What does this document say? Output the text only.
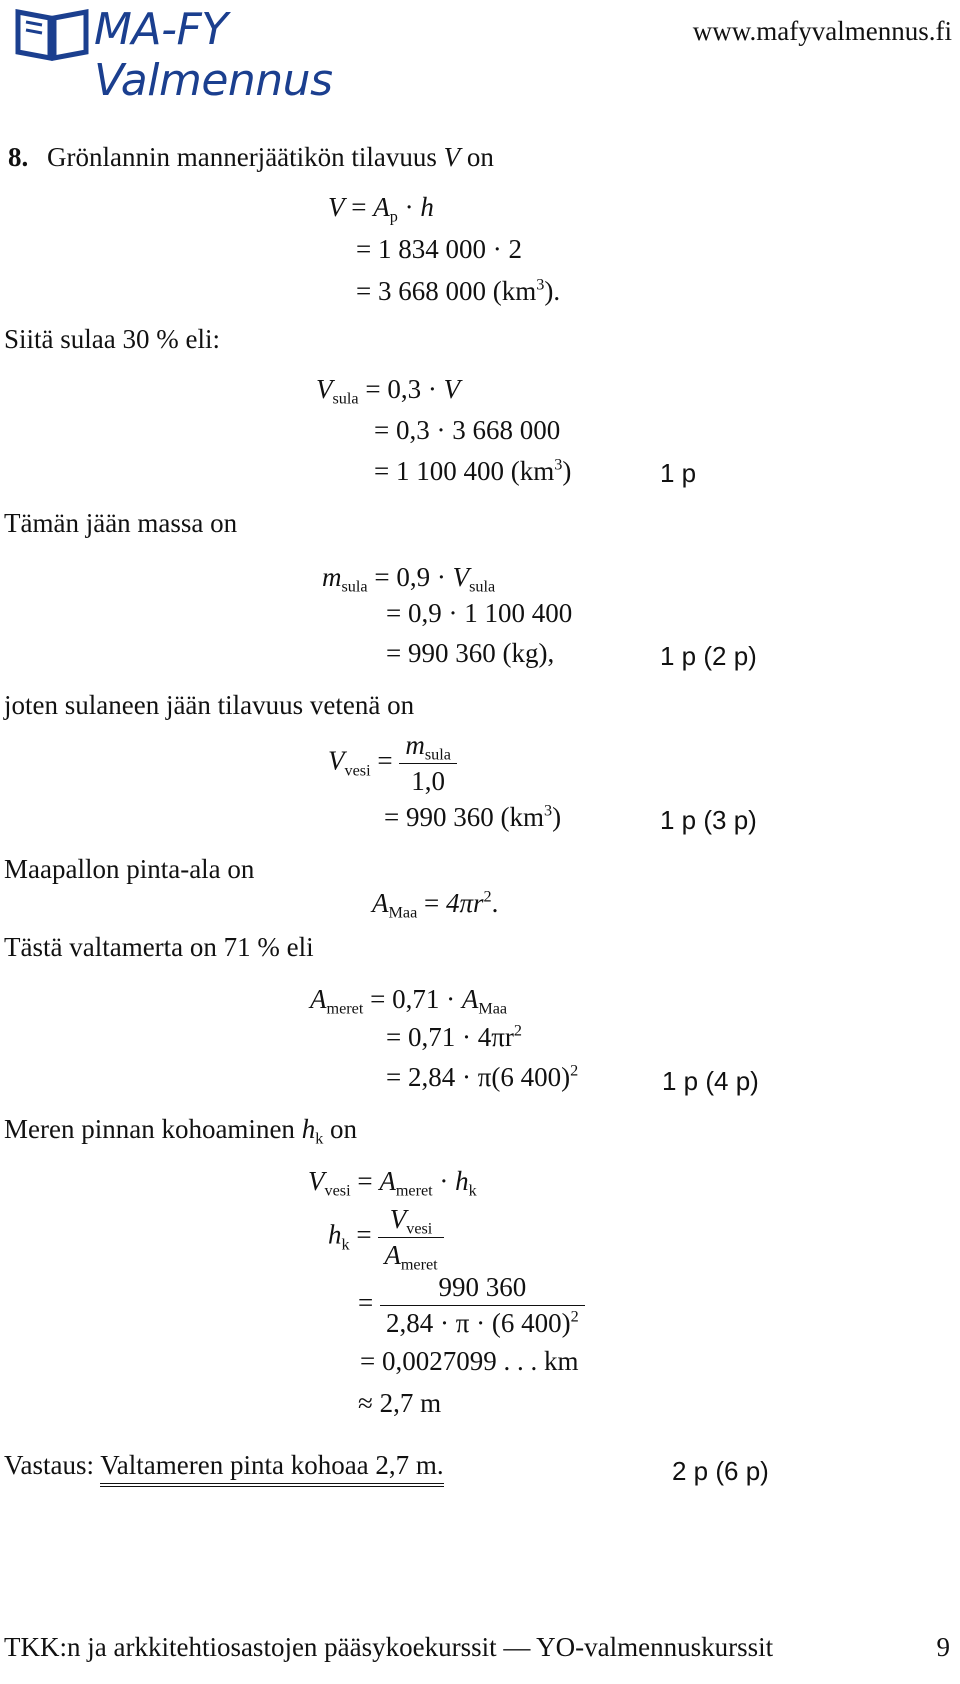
MA-FY Valmennus
www.mafyvalmennus.fi
8. Grönlannin mannerjäätikön tilavuus V on
$V = A_p \cdot h$
= 1 834 000 · 2
= 3 668 000 $(km^3)$.
Siitä sulaa 30 % eli:
$V_{sula} = 0,3 \cdot V$
= 0,3 · 3 668 000
= 1 100 400 $(km^3)$	1 p
Tämän jään massa on
$m_{sula} = 0,9 \cdot V_{sula}$
= 0,9 · 1 100 400
= 990 360 (kg),	1 p (2 p)
joten sulaneen jään tilavuus vetenä on
$V_{vesi} = \frac{m_{sula}}{1,0}$
= 990 360 $(km^3)$	1 p (3 p)
Maapallon pinta-ala on
$A_{Maa} = 4\pi r^2$.
Tästä valtamerta on 71 % eli
$A_{meret} = 0,71 \cdot A_{Maa}$
= $0,71 \cdot 4\pi r^2$
= 2,84 · π(6 400)$^2$	1 p (4 p)
Meren pinnan kohoaminen $h_k$ on
$V_{vesi} = A_{meret} \cdot h_k$
$h_k = \frac{V_{vesi}}{A_{meret}}$
= $\frac{990 360}{2,84 \cdot \pi \cdot (6 400)^2}$
= 0,0027099 . . . km
≈ 2,7 m
Vastaus: Valtameren pinta kohoaa 2,7 m.	2 p (6 p)
TKK:n ja arkkitehtiosastojen pääsykoekurssit — YO-valmennuskurssit	9
